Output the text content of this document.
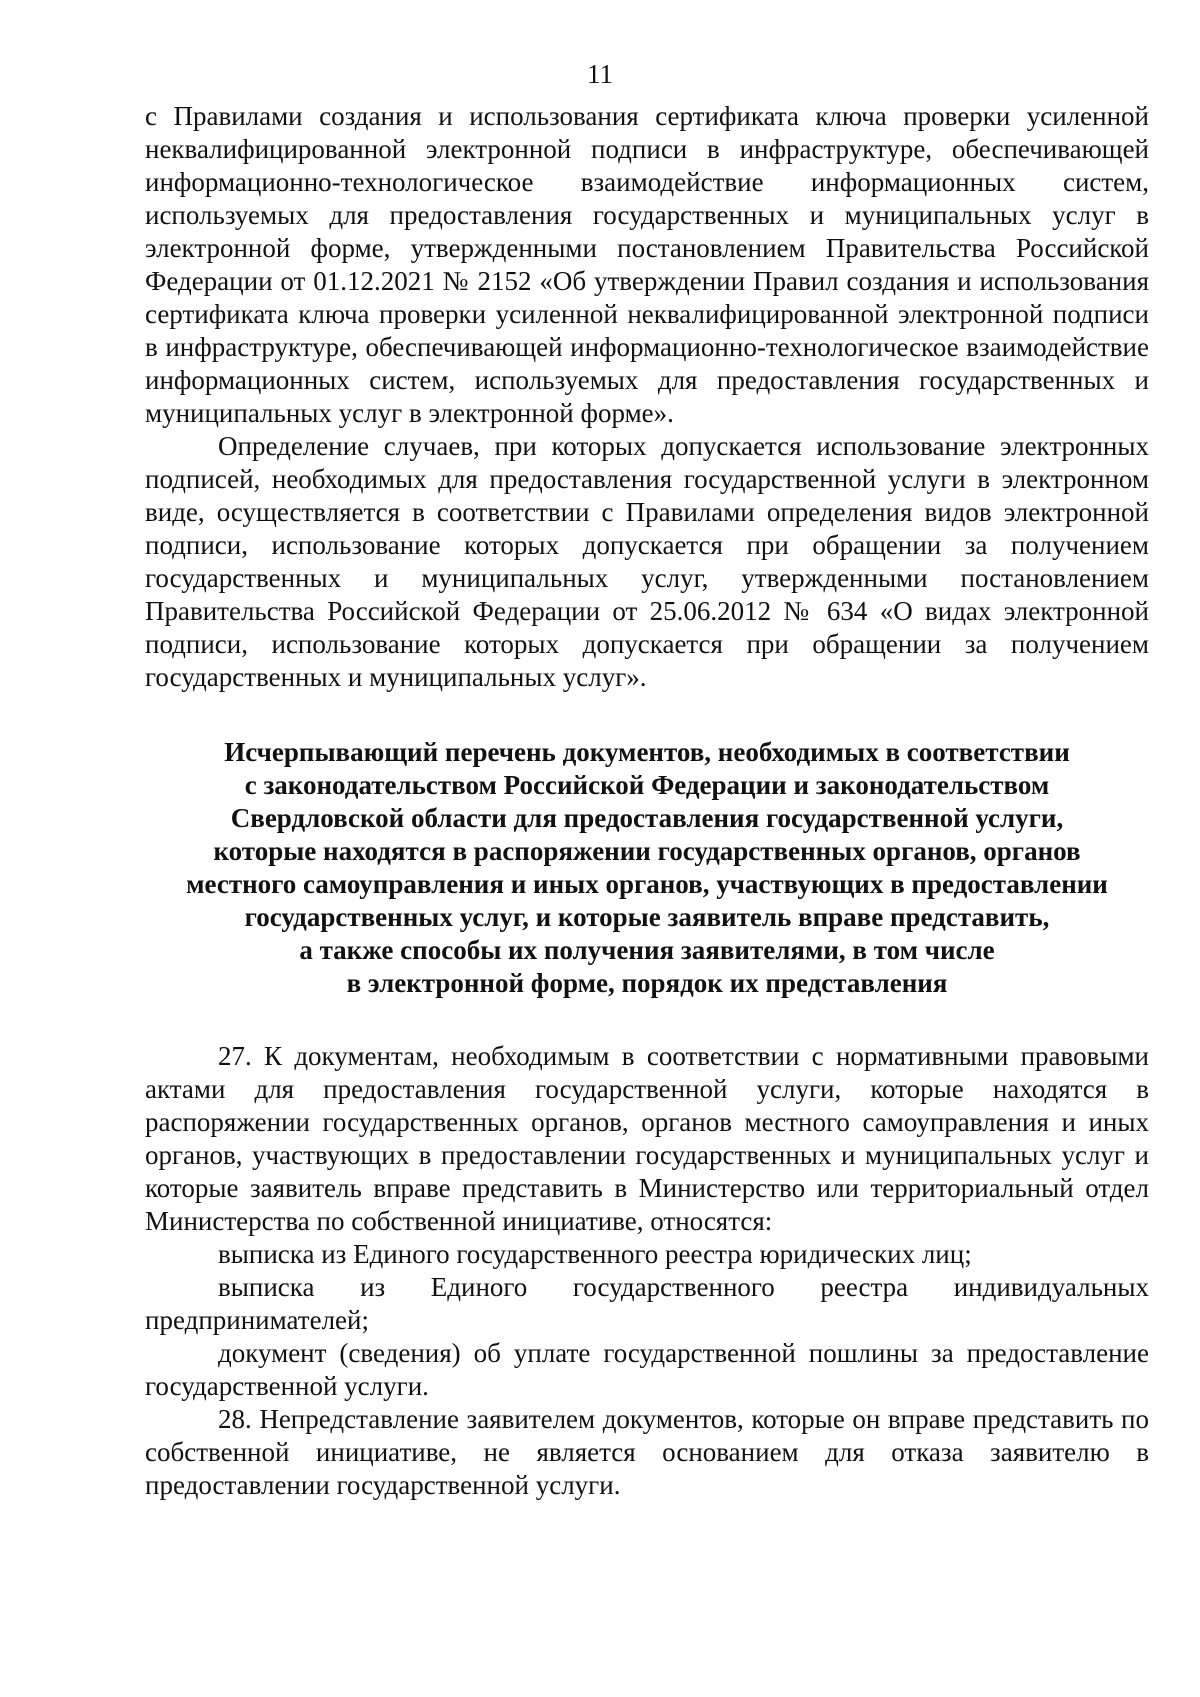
11

с Правилами создания и использования сертификата ключа проверки усиленной неквалифицированной электронной подписи в инфраструктуре, обеспечивающей информационно-технологическое взаимодействие информационных систем, используемых для предоставления государственных и муниципальных услуг в электронной форме, утвержденными постановлением Правительства Российской Федерации от 01.12.2021 № 2152 «Об утверждении Правил создания и использования сертификата ключа проверки усиленной неквалифицированной электронной подписи в инфраструктуре, обеспечивающей информационно-технологическое взаимодействие информационных систем, используемых для предоставления государственных и муниципальных услуг в электронной форме».

Определение случаев, при которых допускается использование электронных подписей, необходимых для предоставления государственной услуги в электронном виде, осуществляется в соответствии с Правилами определения видов электронной подписи, использование которых допускается при обращении за получением государственных и муниципальных услуг, утвержденными постановлением Правительства Российской Федерации от 25.06.2012 № 634 «О видах электронной подписи, использование которых допускается при обращении за получением государственных и муниципальных услуг».

Исчерпывающий перечень документов, необходимых в соответствии
с законодательством Российской Федерации и законодательством
Свердловской области для предоставления государственной услуги,
которые находятся в распоряжении государственных органов, органов
местного самоуправления и иных органов, участвующих в предоставлении
государственных услуг, и которые заявитель вправе представить,
а также способы их получения заявителями, в том числе
в электронной форме, порядок их представления

27. К документам, необходимым в соответствии с нормативными правовыми актами для предоставления государственной услуги, которые находятся в распоряжении государственных органов, органов местного самоуправления и иных органов, участвующих в предоставлении государственных и муниципальных услуг и которые заявитель вправе представить в Министерство или территориальный отдел Министерства по собственной инициативе, относятся:

выписка из Единого государственного реестра юридических лиц;

выписка из Единого государственного реестра индивидуальных предпринимателей;

документ (сведения) об уплате государственной пошлины за предоставление государственной услуги.

28. Непредставление заявителем документов, которые он вправе представить по собственной инициативе, не является основанием для отказа заявителю в предоставлении государственной услуги.
